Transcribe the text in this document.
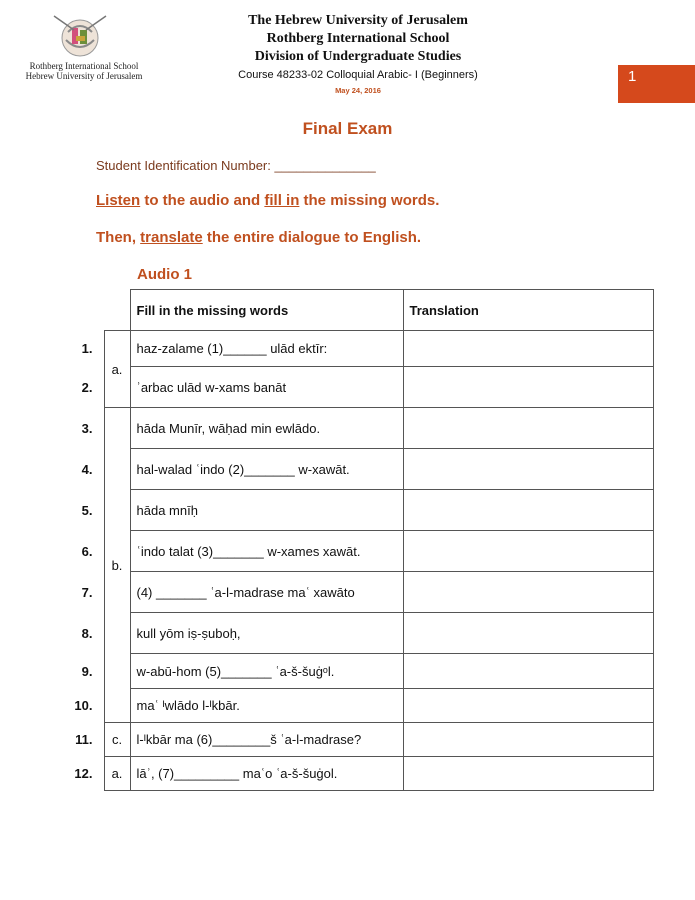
Rothberg International School
Hebrew University of Jerusalem
The Hebrew University of Jerusalem
Rothberg International School
Division of Undergraduate Studies
Course 48233-02 Colloquial Arabic- I (Beginners)
May 24, 2016
1
Final Exam
Student Identification Number: ______________
Listen to the audio and fill in the missing words.
Then, translate the entire dialogue to English.
Audio 1
		Fill in the missing words	Translation
1.	a.	haz-zalame (1)______ ulād ektīr:	
2.		ʾarbac ulād w-xams banāt	
3.	b.	hāda Munīr, wāḥad min ewlādo.	
4.		hal-walad ʿindo (2)_______ w-xawāt.	
5.		hāda mnīḥ	
6.		ʿindo talat (3)_______ w-xames xawāt.	
7.		(4) _______ ʿa-l-madrase maʿ xawāto	
8.		kull yōm iṣ-ṣuboḥ,	
9.		w-abū-hom (5)_______ ʿa-š-šuġᵒl.	
10.		maʿ ᴵwlādo l-ᴵkbār.	
11.	c.	l-ᴵkbār ma (6)________š ʿa-l-madrase?	
12.	a.	lāʾ, (7)_________ maʿo ʿa-š-šuġol.	
